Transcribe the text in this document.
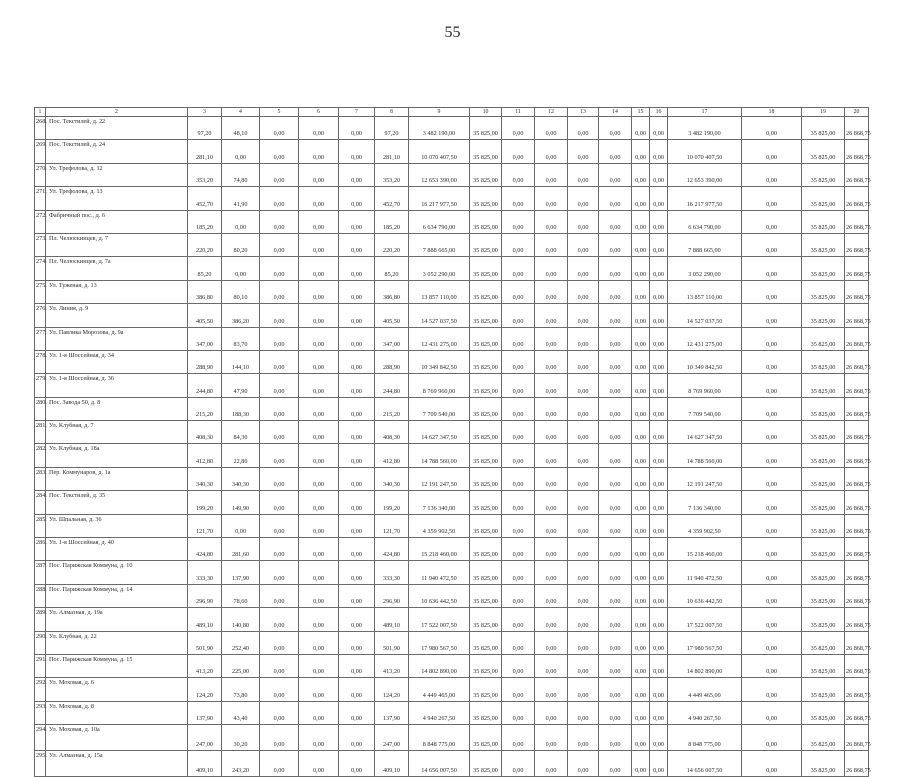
55
1	2	3	4	5	6	7	8	9	10	11	12	13	14	15	16	17	18	19	20
268.	Пос. Текстилей, д. 22	97,20	48,10	0,00	0,00	0,00	97,20	3 482 190,00	35 825,00	0,00	0,00	0,00	0,00	0,00	0,00	3 482 190,00	0,00	35 825,00	26 868,75
269.	Пос. Текстилей, д. 24	281,10	0,00	0,00	0,00	0,00	281,10	10 070 407,50	35 825,00	0,00	0,00	0,00	0,00	0,00	0,00	10 070 407,50	0,00	35 825,00	26 868,75
270.	Ул. Трефолова, д. 12	353,20	74,80	0,00	0,00	0,00	353,20	12 653 390,00	35 825,00	0,00	0,00	0,00	0,00	0,00	0,00	12 653 390,00	0,00	35 825,00	26 868,75
271.	Ул. Трефолова, д. 13	452,70	41,90	0,00	0,00	0,00	452,70	16 217 977,50	35 825,00	0,00	0,00	0,00	0,00	0,00	0,00	16 217 977,50	0,00	35 825,00	26 868,75
272.	Фабричный пос., д. 6	185,20	0,00	0,00	0,00	0,00	185,20	6 634 790,00	35 825,00	0,00	0,00	0,00	0,00	0,00	0,00	6 634 790,00	0,00	35 825,00	26 868,75
273.	Пл. Челюскинцев, д. 7	220,20	80,20	0,00	0,00	0,00	220,20	7 888 665,00	35 825,00	0,00	0,00	0,00	0,00	0,00	0,00	7 888 665,00	0,00	35 825,00	26 868,75
274.	Пл. Челюскинцев, д. 7а	85,20	0,00	0,00	0,00	0,00	85,20	3 052 290,00	35 825,00	0,00	0,00	0,00	0,00	0,00	0,00	3 052 290,00	0,00	35 825,00	26 868,75
275.	Ул. Туженая, д. 13	386,80	80,10	0,00	0,00	0,00	386,80	13 857 110,00	35 825,00	0,00	0,00	0,00	0,00	0,00	0,00	13 857 110,00	0,00	35 825,00	26 868,75
276.	Ул. Линия, д. 9	405,50	386,20	0,00	0,00	0,00	405,50	14 527 037,50	35 825,00	0,00	0,00	0,00	0,00	0,00	0,00	14 527 037,50	0,00	35 825,00	26 868,75
277.	Ул. Павлика Морозова, д. 9а	347,00	83,70	0,00	0,00	0,00	347,00	12 431 275,00	35 825,00	0,00	0,00	0,00	0,00	0,00	0,00	12 431 275,00	0,00	35 825,00	26 868,75
278.	Ул. 1-я Шоссейная, д. 34	288,90	144,10	0,00	0,00	0,00	288,90	10 349 842,50	35 825,00	0,00	0,00	0,00	0,00	0,00	0,00	10 349 842,50	0,00	35 825,00	26 868,75
279.	Ул. 1-я Шоссейная, д. 36	244,80	47,90	0,00	0,00	0,00	244,80	8 769 960,00	35 825,00	0,00	0,00	0,00	0,00	0,00	0,00	8 769 960,00	0,00	35 825,00	26 868,75
280.	Пос. Завода 50, д. 8	215,20	188,30	0,00	0,00	0,00	215,20	7 709 540,00	35 825,00	0,00	0,00	0,00	0,00	0,00	0,00	7 709 540,00	0,00	35 825,00	26 868,75
281.	Ул. Клубная, д. 7	408,30	84,30	0,00	0,00	0,00	408,30	14 627 347,50	35 825,00	0,00	0,00	0,00	0,00	0,00	0,00	14 627 347,50	0,00	35 825,00	26 868,75
282.	Ул. Клубная, д. 18а	412,80	22,80	0,00	0,00	0,00	412,80	14 788 560,00	35 825,00	0,00	0,00	0,00	0,00	0,00	0,00	14 788 560,00	0,00	35 825,00	26 868,75
283.	Пер. Коммунаров, д. 1а	340,30	340,30	0,00	0,00	0,00	340,30	12 191 247,50	35 825,00	0,00	0,00	0,00	0,00	0,00	0,00	12 191 247,50	0,00	35 825,00	26 868,75
284.	Пос. Текстилей, д. 35	199,20	149,90	0,00	0,00	0,00	199,20	7 136 340,00	35 825,00	0,00	0,00	0,00	0,00	0,00	0,00	7 136 340,00	0,00	35 825,00	26 868,75
285.	Ул. Шпальная, д. 36	121,70	0,00	0,00	0,00	0,00	121,70	4 359 902,50	35 825,00	0,00	0,00	0,00	0,00	0,00	0,00	4 359 902,50	0,00	35 825,00	26 868,75
286.	Ул. 1-я Шоссейная, д. 40	424,80	281,60	0,00	0,00	0,00	424,80	15 218 460,00	35 825,00	0,00	0,00	0,00	0,00	0,00	0,00	15 218 460,00	0,00	35 825,00	26 868,75
287.	Пос. Парижская Коммуна, д. 10	333,30	137,90	0,00	0,00	0,00	333,30	11 940 472,50	35 825,00	0,00	0,00	0,00	0,00	0,00	0,00	11 940 472,50	0,00	35 825,00	26 868,75
288.	Пос. Парижская Коммуна, д. 14	296,90	78,60	0,00	0,00	0,00	296,90	10 636 442,50	35 825,00	0,00	0,00	0,00	0,00	0,00	0,00	10 636 442,50	0,00	35 825,00	26 868,75
289.	Ул. Алмазная, д. 19а	489,10	140,80	0,00	0,00	0,00	489,10	17 522 007,50	35 825,00	0,00	0,00	0,00	0,00	0,00	0,00	17 522 007,50	0,00	35 825,00	26 868,75
290.	Ул. Клубная, д. 22	501,90	252,40	0,00	0,00	0,00	501,90	17 980 567,50	35 825,00	0,00	0,00	0,00	0,00	0,00	0,00	17 980 567,50	0,00	35 825,00	26 868,75
291.	Пос. Парижская Коммуна, д. 15	413,20	225,00	0,00	0,00	0,00	413,20	14 802 890,00	35 825,00	0,00	0,00	0,00	0,00	0,00	0,00	14 802 890,00	0,00	35 825,00	26 868,75
292.	Ул. Моховая, д. 6	124,20	73,80	0,00	0,00	0,00	124,20	4 449 465,00	35 825,00	0,00	0,00	0,00	0,00	0,00	0,00	4 449 465,00	0,00	35 825,00	26 868,75
293.	Ул. Моховая, д. 8	137,90	43,40	0,00	0,00	0,00	137,90	4 940 267,50	35 825,00	0,00	0,00	0,00	0,00	0,00	0,00	4 940 267,50	0,00	35 825,00	26 868,75
294.	Ул. Моховая, д. 10а	247,00	30,20	0,00	0,00	0,00	247,00	8 848 775,00	35 825,00	0,00	0,00	0,00	0,00	0,00	0,00	8 848 775,00	0,00	35 825,00	26 868,75
295.	Ул. Алмазная, д. 15а	409,10	243,20	0,00	0,00	0,00	409,10	14 656 007,50	35 825,00	0,00	0,00	0,00	0,00	0,00	0,00	14 656 007,50	0,00	35 825,00	26 868,75
